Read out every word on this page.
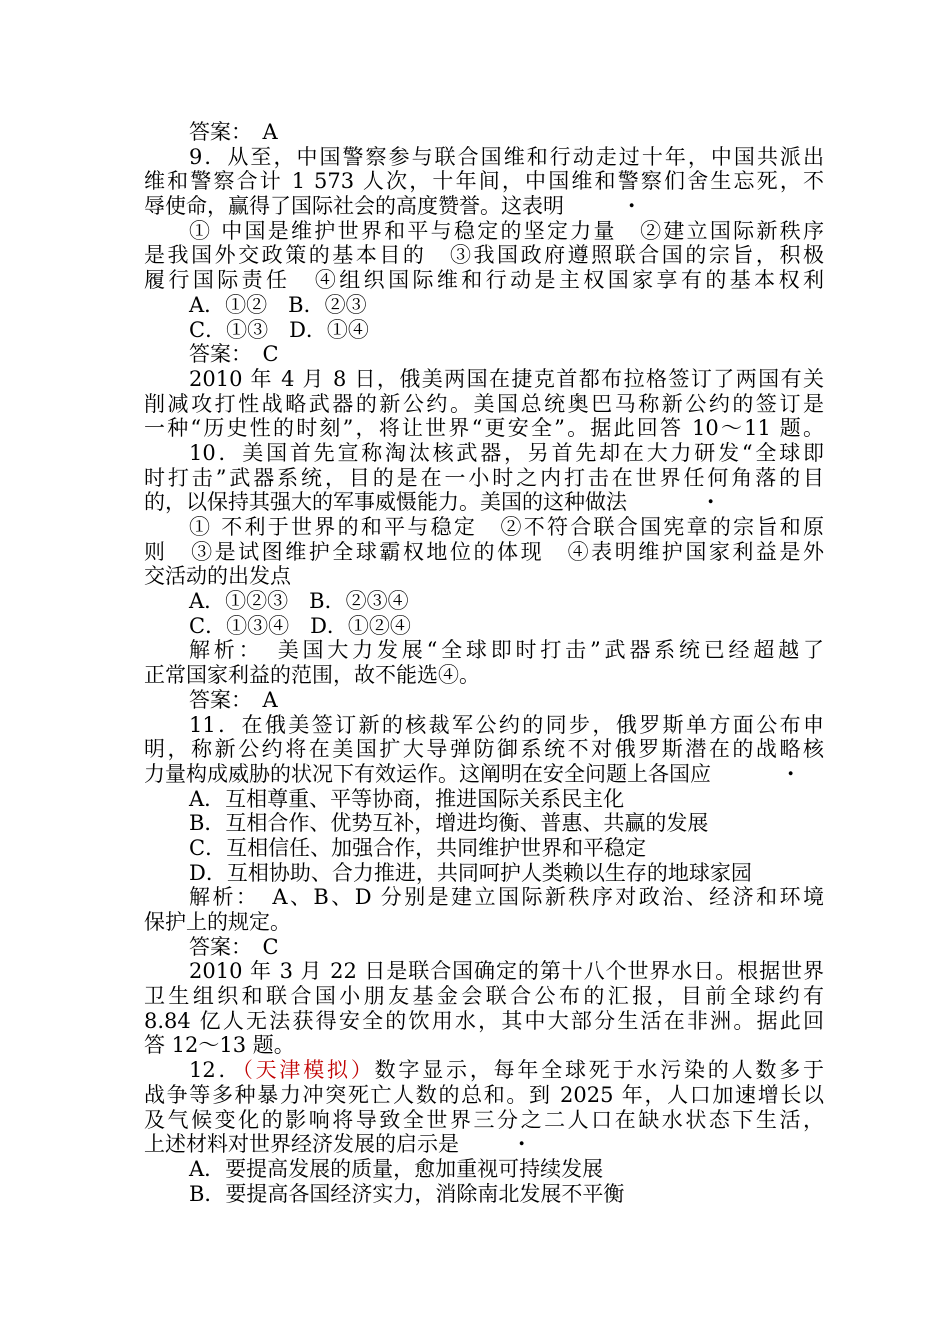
答案：　A
9．从至，中国警察参与联合国维和行动走过十年，中国共派出
维和警察合计 1 573 人次，十年间，中国维和警察们舍生忘死，不
辱使命，赢得了国际社会的高度赞誉。这表明	.
① 中国是维护世界和平与稳定的坚定力量　②建立国际新秩序
是我国外交政策的基本目的　③我国政府遵照联合国的宗旨，积极
履行国际责任　④组织国际维和行动是主权国家享有的基本权利
A．①②　B．②③
C．①③　D．①④
答案：　C
2010 年 4 月 8 日，俄美两国在捷克首都布拉格签订了两国有关
削减攻打性战略武器的新公约。美国总统奥巴马称新公约的签订是
一种“历史性的时刻”，将让世界“更安全”。据此回答 10～11 题。
10．美国首先宣称淘汰核武器，另首先却在大力研发“全球即
时打击”武器系统，目的是在一小时之内打击在世界任何角落的目
的，以保持其强大的军事威慑能力。美国的这种做法	.
① 不利于世界的和平与稳定　②不符合联合国宪章的宗旨和原
则　③是试图维护全球霸权地位的体现　④表明维护国家利益是外
交活动的出发点
A．①②③　B．②③④
C．①③④　D．①②④
解析：　美国大力发展“全球即时打击”武器系统已经超越了
正常国家利益的范围，故不能选④。
答案：　A
11．在俄美签订新的核裁军公约的同步，俄罗斯单方面公布申
明，称新公约将在美国扩大导弹防御系统不对俄罗斯潜在的战略核
力量构成威胁的状况下有效运作。这阐明在安全问题上各国应	.
A．互相尊重、平等协商，推进国际关系民主化
B．互相合作、优势互补，增进均衡、普惠、共赢的发展
C．互相信任、加强合作，共同维护世界和平稳定
D．互相协助、合力推进，共同呵护人类赖以生存的地球家园
解析：　A、B、D 分别是建立国际新秩序对政治、经济和环境
保护上的规定。
答案：　C
2010 年 3 月 22 日是联合国确定的第十八个世界水日。根据世界
卫生组织和联合国小朋友基金会联合公布的汇报，目前全球约有
8.84 亿人无法获得安全的饮用水，其中大部分生活在非洲。据此回
答 12～13 题。
12．（天津模拟）数字显示，每年全球死于水污染的人数多于
战争等多种暴力冲突死亡人数的总和。到 2025 年，人口加速增长以
及气候变化的影响将导致全世界三分之二人口在缺水状态下生活，
上述材料对世界经济发展的启示是	.
A．要提高发展的质量，愈加重视可持续发展
B．要提高各国经济实力，消除南北发展不平衡
